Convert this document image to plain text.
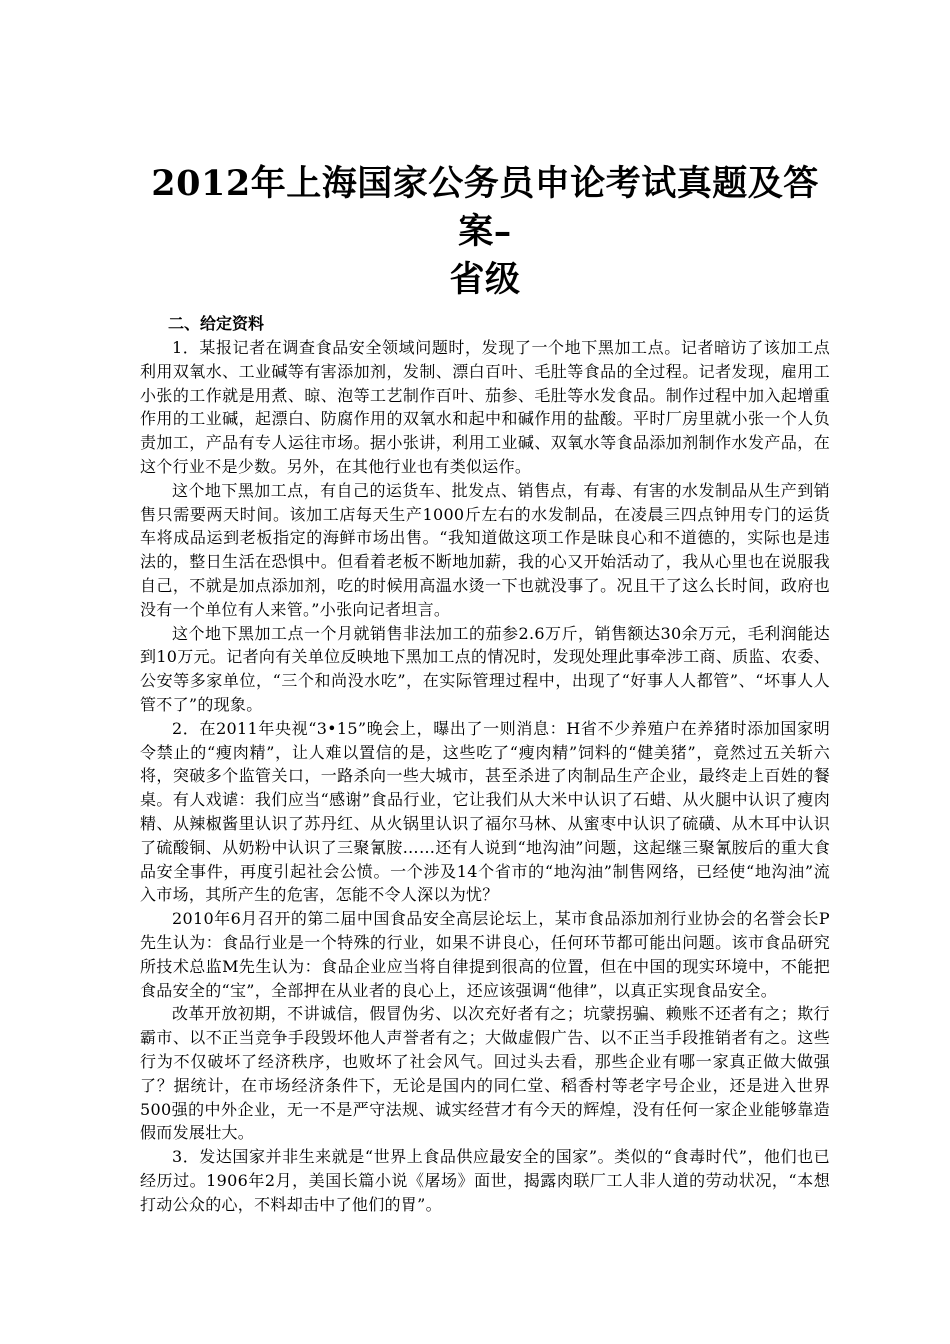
2012年上海国家公务员申论考试真题及答案–
省级
二、给定资料

1．某报记者在调查食品安全领域问题时，发现了一个地下黑加工点。记者暗访了该加工点利用双氧水、工业碱等有害添加剂，发制、漂白百叶、毛肚等食品的全过程。记者发现，雇用工小张的工作就是用煮、晾、泡等工艺制作百叶、茄参、毛肚等水发食品。制作过程中加入起增重作用的工业碱，起漂白、防腐作用的双氧水和起中和碱作用的盐酸。平时厂房里就小张一个人负责加工，产品有专人运往市场。据小张讲，利用工业碱、双氧水等食品添加剂制作水发产品，在这个行业不是少数。另外，在其他行业也有类似运作。

这个地下黑加工点，有自己的运货车、批发点、销售点，有毒、有害的水发制品从生产到销售只需要两天时间。该加工店每天生产1000斤左右的水发制品，在凌晨三四点钟用专门的运货车将成品运到老板指定的海鲜市场出售。“我知道做这项工作是昧良心和不道德的，实际也是违法的，整日生活在恐惧中。但看着老板不断地加薪，我的心又开始活动了，我从心里也在说服我自己，不就是加点添加剂，吃的时候用高温水烫一下也就没事了。况且干了这么长时间，政府也没有一个单位有人来管。”小张向记者坦言。

这个地下黑加工点一个月就销售非法加工的茄参2.6万斤，销售额达30余万元，毛利润能达到10万元。记者向有关单位反映地下黑加工点的情况时，发现处理此事牵涉工商、质监、农委、公安等多家单位，“三个和尚没水吃”，在实际管理过程中，出现了“好事人人都管”、“坏事人人管不了”的现象。

2．在2011年央视“3•15”晚会上，曝出了一则消息：H省不少养殖户在养猪时添加国家明令禁止的“瘦肉精”，让人难以置信的是，这些吃了“瘦肉精”饲料的“健美猪”，竟然过五关斩六将，突破多个监管关口，一路杀向一些大城市，甚至杀进了肉制品生产企业，最终走上百姓的餐桌。有人戏谑：我们应当“感谢”食品行业，它让我们从大米中认识了石蜡、从火腿中认识了瘦肉精、从辣椒酱里认识了苏丹红、从火锅里认识了福尔马林、从蜜枣中认识了硫磺、从木耳中认识了硫酸铜、从奶粉中认识了三聚氰胺……还有人说到“地沟油”问题，这起继三聚氰胺后的重大食品安全事件，再度引起社会公愤。一个涉及14个省市的“地沟油”制售网络，已经使“地沟油”流入市场，其所产生的危害，怎能不令人深以为忧？

2010年6月召开的第二届中国食品安全高层论坛上，某市食品添加剂行业协会的名誉会长P先生认为：食品行业是一个特殊的行业，如果不讲良心，任何环节都可能出问题。该市食品研究所技术总监M先生认为：食品企业应当将自律提到很高的位置，但在中国的现实环境中，不能把食品安全的“宝”，全部押在从业者的良心上，还应该强调“他律”，以真正实现食品安全。

改革开放初期，不讲诚信，假冒伪劣、以次充好者有之；坑蒙拐骗、赖账不还者有之；欺行霸市、以不正当竞争手段毁坏他人声誉者有之；大做虚假广告、以不正当手段推销者有之。这些行为不仅破坏了经济秩序，也败坏了社会风气。回过头去看，那些企业有哪一家真正做大做强了？据统计，在市场经济条件下，无论是国内的同仁堂、稻香村等老字号企业，还是进入世界500强的中外企业，无一不是严守法规、诚实经营才有今天的辉煌，没有任何一家企业能够靠造假而发展壮大。

3．发达国家并非生来就是“世界上食品供应最安全的国家”。类似的“食毒时代”，他们也已经历过。1906年2月，美国长篇小说《屠场》面世，揭露肉联厂工人非人道的劳动状况，“本想打动公众的心，不料却击中了他们的胃”。
